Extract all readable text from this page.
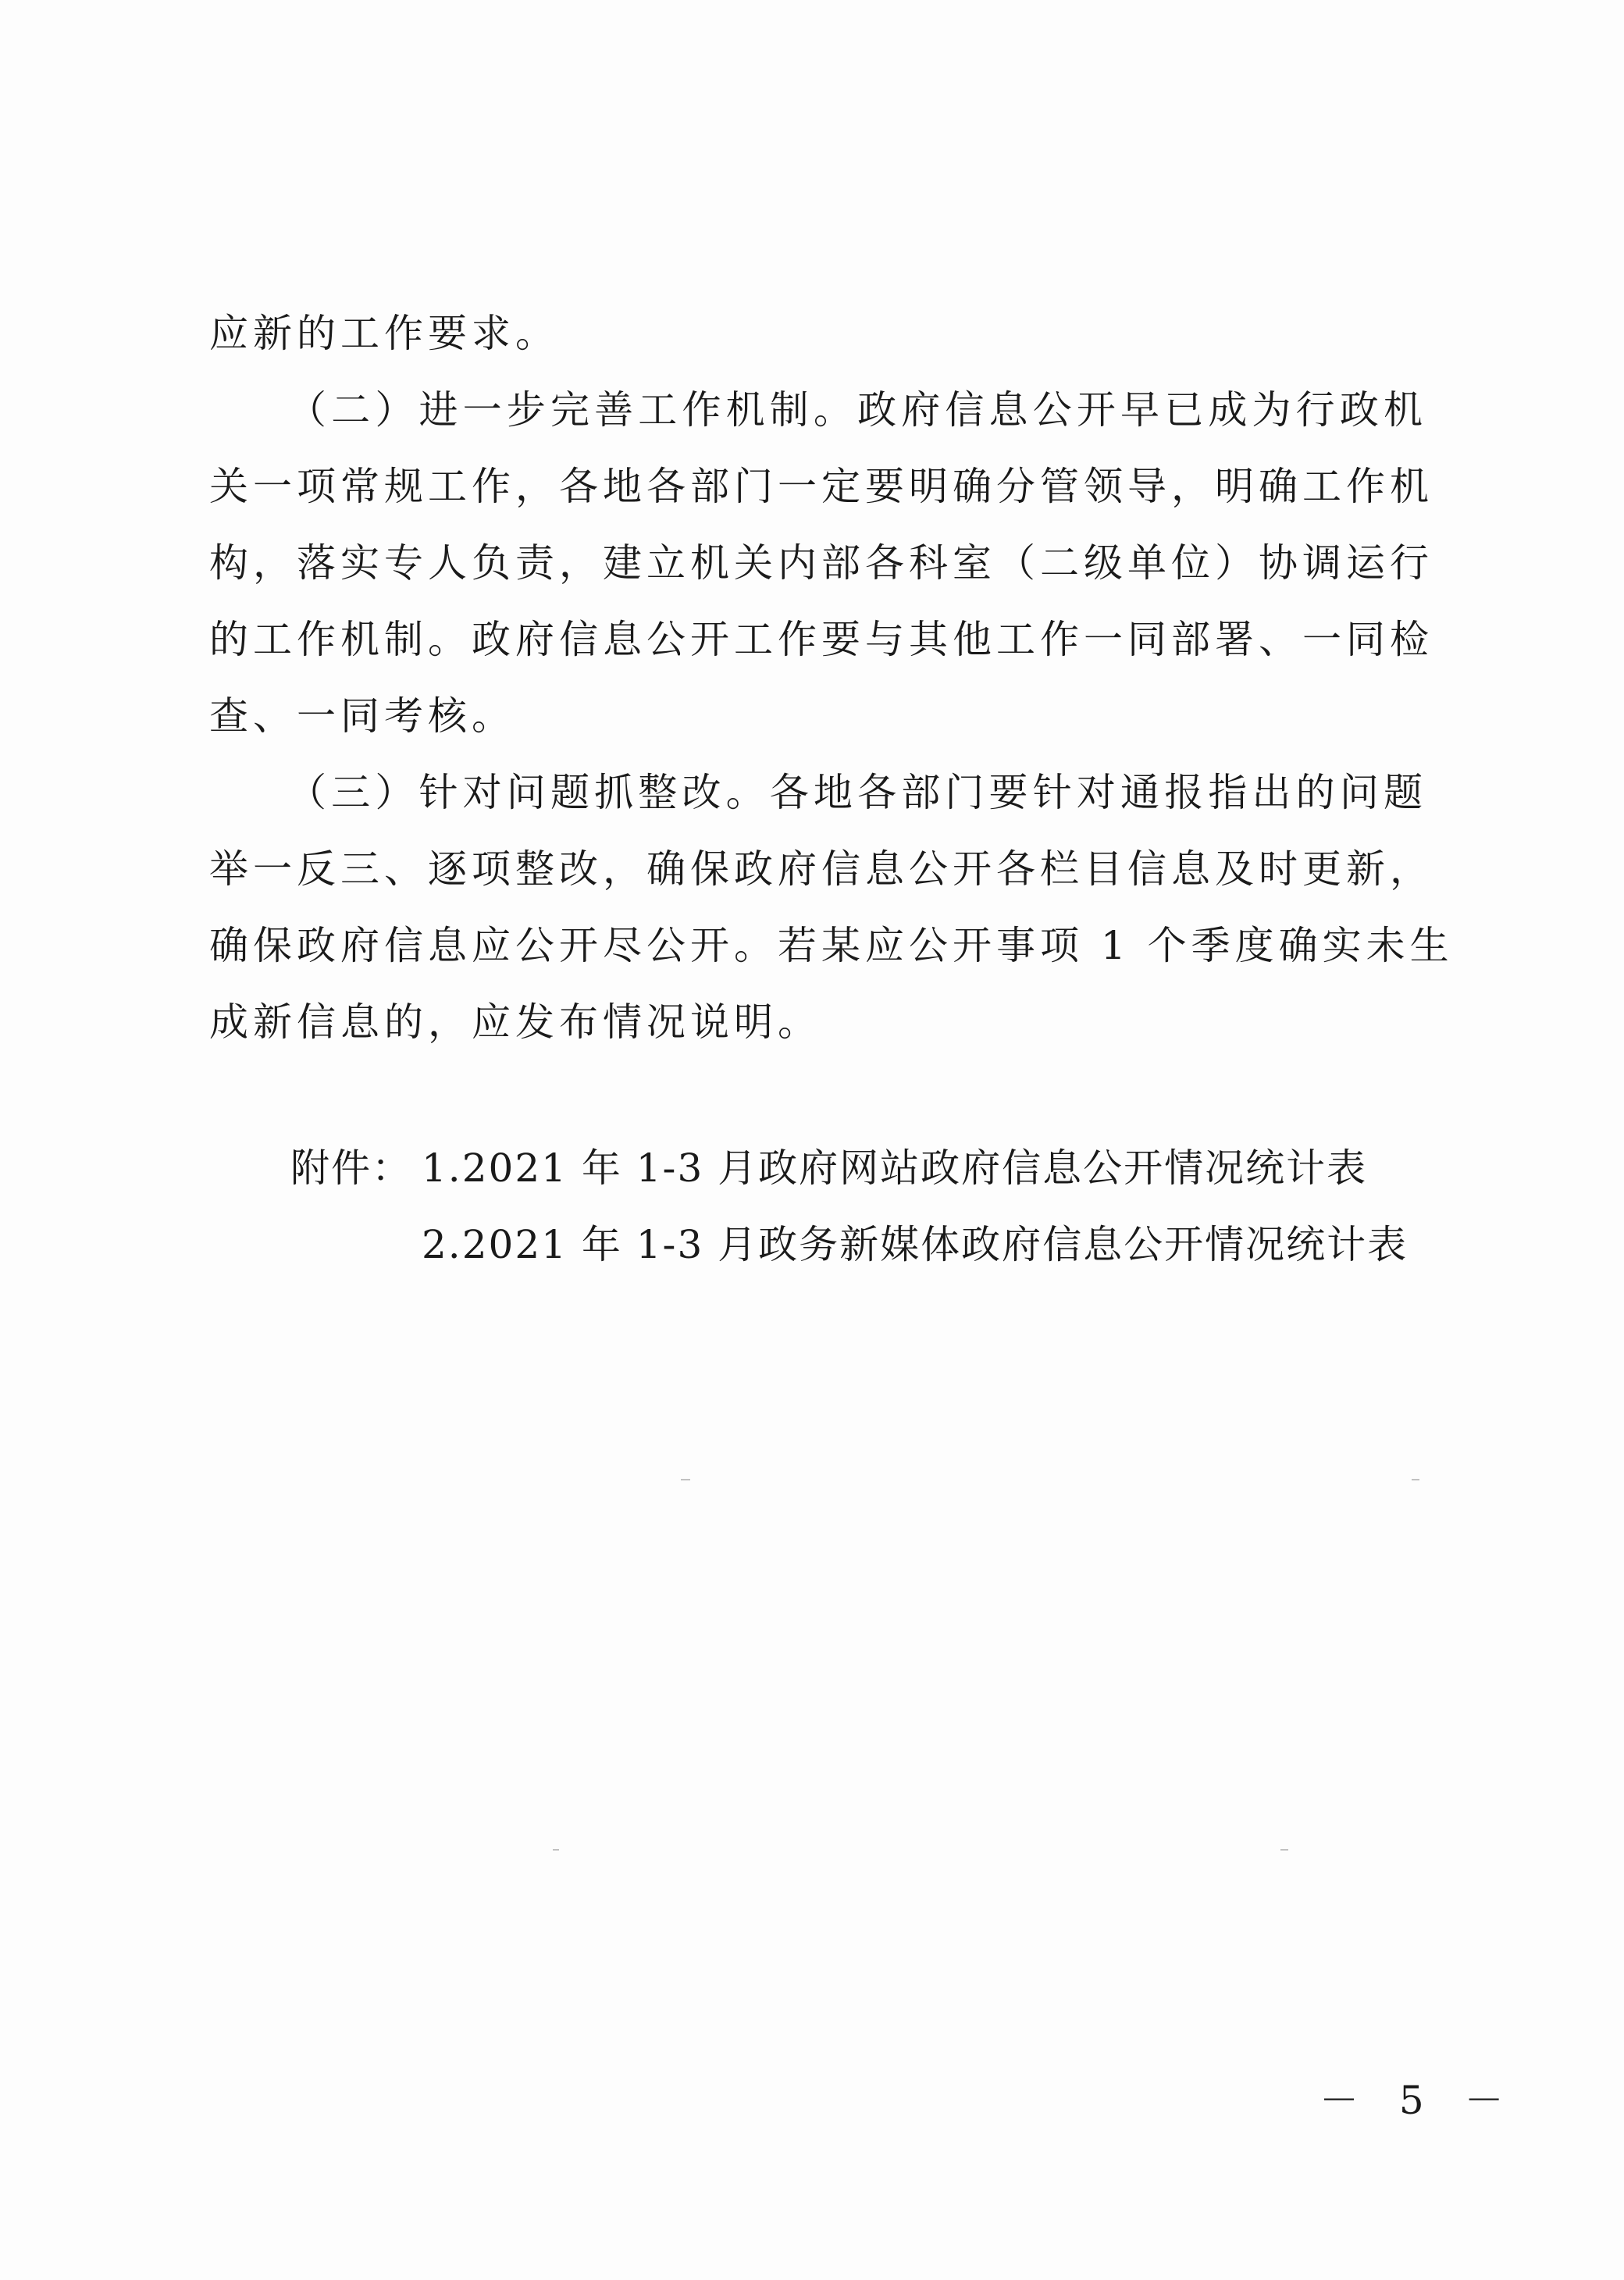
应新的工作要求。
（二）进一步完善工作机制。政府信息公开早已成为行政机
关一项常规工作，各地各部门一定要明确分管领导，明确工作机
构，落实专人负责，建立机关内部各科室（二级单位）协调运行
的工作机制。政府信息公开工作要与其他工作一同部署、一同检
查、一同考核。
（三）针对问题抓整改。各地各部门要针对通报指出的问题
举一反三、逐项整改，确保政府信息公开各栏目信息及时更新，
确保政府信息应公开尽公开。若某应公开事项 1 个季度确实未生
成新信息的，应发布情况说明。
附件： 1.2021 年 1-3 月政府网站政府信息公开情况统计表
2.2021 年 1-3 月政务新媒体政府信息公开情况统计表
－ 5 －
